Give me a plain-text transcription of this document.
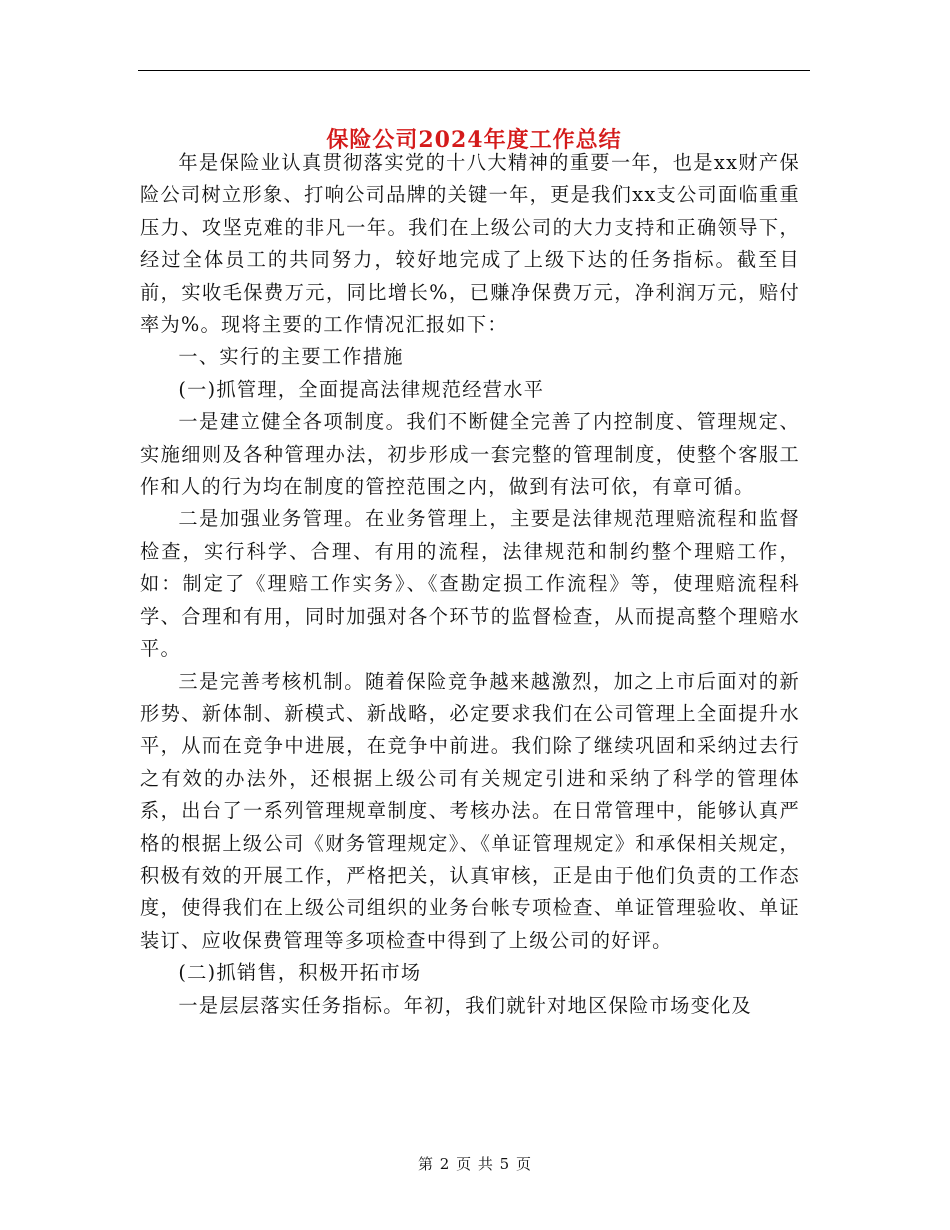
保险公司2024年度工作总结

年是保险业认真贯彻落实党的十八大精神的重要一年，也是xx财产保险公司树立形象、打响公司品牌的关键一年，更是我们xx支公司面临重重压力、攻坚克难的非凡一年。我们在上级公司的大力支持和正确领导下，经过全体员工的共同努力，较好地完成了上级下达的任务指标。截至目前，实收毛保费万元，同比增长%，已赚净保费万元，净利润万元，赔付率为%。现将主要的工作情况汇报如下：

一、实行的主要工作措施

(一)抓管理，全面提高法律规范经营水平

一是建立健全各项制度。我们不断健全完善了内控制度、管理规定、实施细则及各种管理办法，初步形成一套完整的管理制度，使整个客服工作和人的行为均在制度的管控范围之内，做到有法可依，有章可循。

二是加强业务管理。在业务管理上，主要是法律规范理赔流程和监督检查，实行科学、合理、有用的流程，法律规范和制约整个理赔工作，如：制定了《理赔工作实务》、《查勘定损工作流程》等，使理赔流程科学、合理和有用，同时加强对各个环节的监督检查，从而提高整个理赔水平。

三是完善考核机制。随着保险竞争越来越激烈，加之上市后面对的新形势、新体制、新模式、新战略，必定要求我们在公司管理上全面提升水平，从而在竞争中进展，在竞争中前进。我们除了继续巩固和采纳过去行之有效的办法外，还根据上级公司有关规定引进和采纳了科学的管理体系，出台了一系列管理规章制度、考核办法。在日常管理中，能够认真严格的根据上级公司《财务管理规定》、《单证管理规定》和承保相关规定，积极有效的开展工作，严格把关，认真审核，正是由于他们负责的工作态度，使得我们在上级公司组织的业务台帐专项检查、单证管理验收、单证装订、应收保费管理等多项检查中得到了上级公司的好评。

(二)抓销售，积极开拓市场

一是层层落实任务指标。年初，我们就针对地区保险市场变化及

第 2 页 共 5 页
